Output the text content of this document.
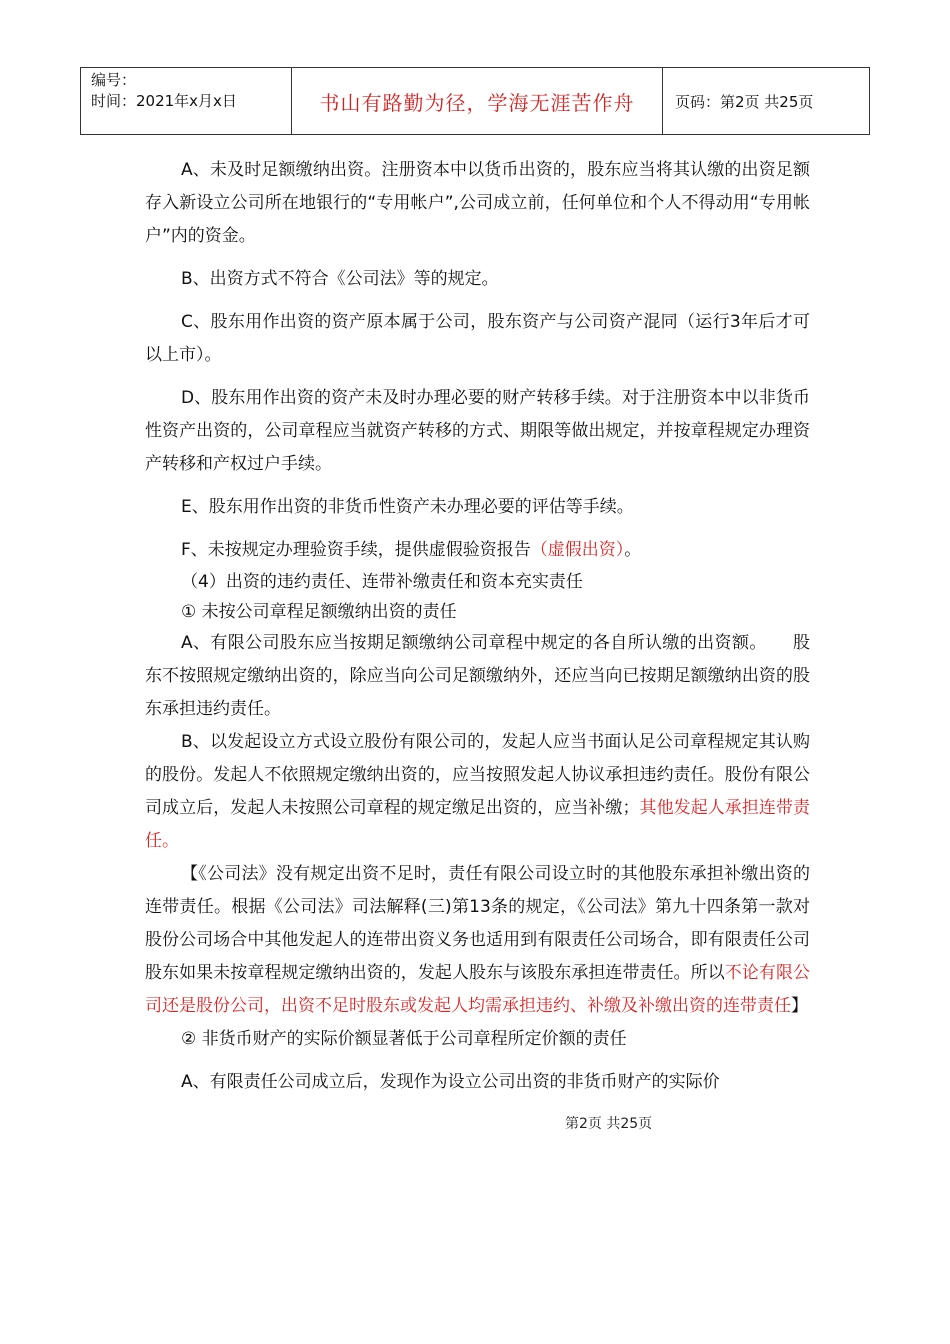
编号：
时间：2021年x月x日	书山有路勤为径，学海无涯苦作舟	页码：第2页 共25页

A、未及时足额缴纳出资。注册资本中以货币出资的，股东应当将其认缴的出资足额存入新设立公司所在地银行的“专用帐户”,公司成立前，任何单位和个人不得动用“专用帐户”内的资金。

B、出资方式不符合《公司法》等的规定。

C、股东用作出资的资产原本属于公司，股东资产与公司资产混同（运行3年后才可以上市）。

D、股东用作出资的资产未及时办理必要的财产转移手续。对于注册资本中以非货币性资产出资的，公司章程应当就资产转移的方式、期限等做出规定，并按章程规定办理资产转移和产权过户手续。

E、股东用作出资的非货币性资产未办理必要的评估等手续。

F、未按规定办理验资手续，提供虚假验资报告（虚假出资）。

（4）出资的违约责任、连带补缴责任和资本充实责任

① 未按公司章程足额缴纳出资的责任

A、有限公司股东应当按期足额缴纳公司章程中规定的各自所认缴的出资额。　　股东不按照规定缴纳出资的，除应当向公司足额缴纳外，还应当向已按期足额缴纳出资的股东承担违约责任。

B、以发起设立方式设立股份有限公司的，发起人应当书面认足公司章程规定其认购的股份。发起人不依照规定缴纳出资的，应当按照发起人协议承担违约责任。股份有限公司成立后，发起人未按照公司章程的规定缴足出资的，应当补缴；其他发起人承担连带责任。

【《公司法》没有规定出资不足时，责任有限公司设立时的其他股东承担补缴出资的连带责任。根据《公司法》司法解释(三)第13条的规定，《公司法》第九十四条第一款对股份公司场合中其他发起人的连带出资义务也适用到有限责任公司场合，即有限责任公司股东如果未按章程规定缴纳出资的，发起人股东与该股东承担连带责任。所以不论有限公司还是股份公司，出资不足时股东或发起人均需承担违约、补缴及补缴出资的连带责任】

② 非货币财产的实际价额显著低于公司章程所定价额的责任

A、有限责任公司成立后，发现作为设立公司出资的非货币财产的实际价

第2页 共25页
